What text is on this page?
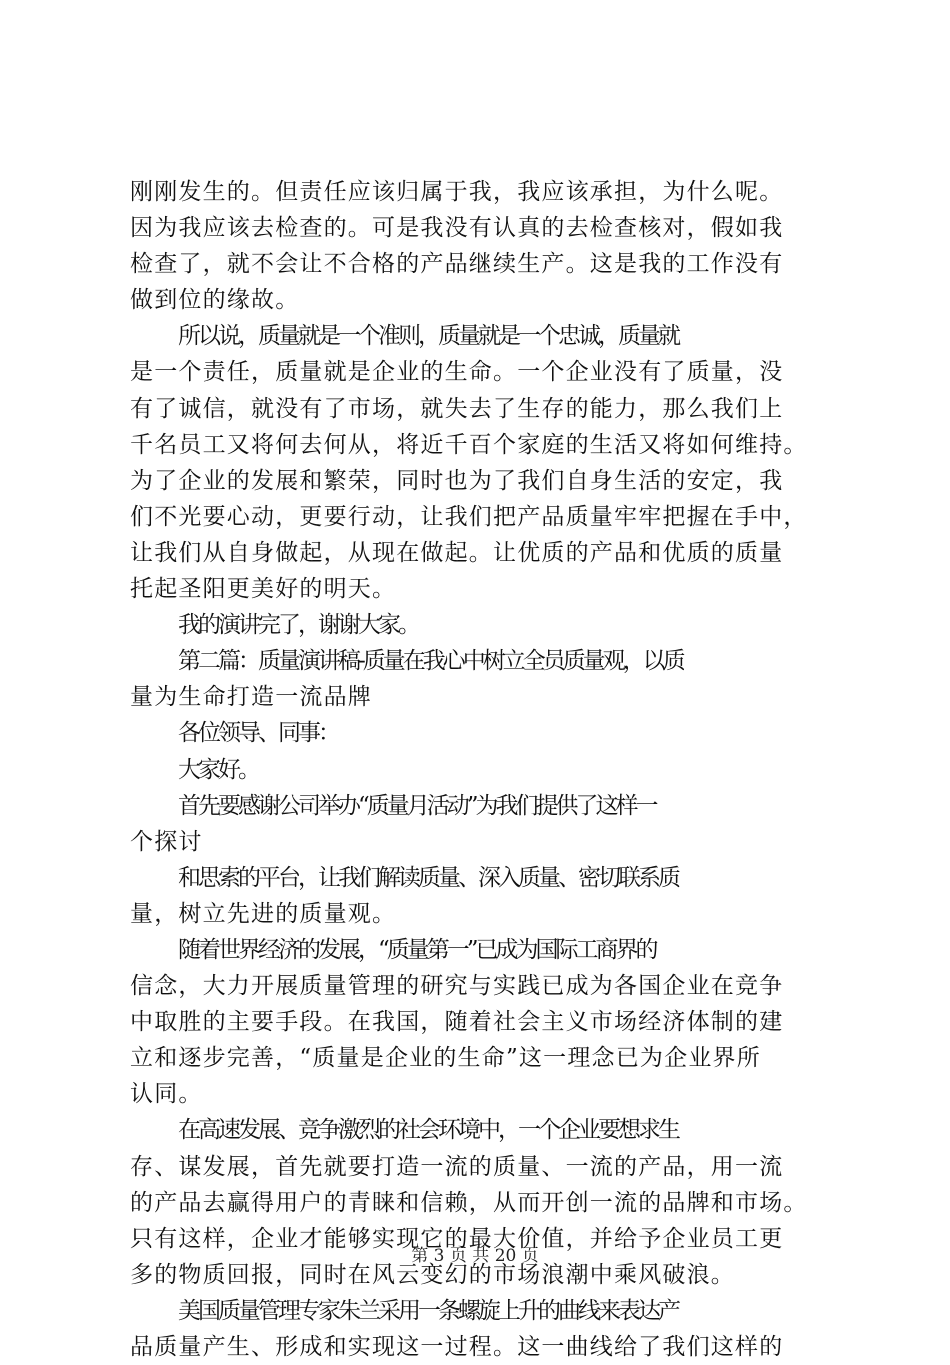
刚刚发生的。但责任应该归属于我，我应该承担，为什么呢。
因为我应该去检查的。可是我没有认真的去检查核对，假如我
检查了，就不会让不合格的产品继续生产。这是我的工作没有
做到位的缘故。
所以说，质量就是一个准则，质量就是一个忠诚，质量就
是一个责任，质量就是企业的生命。一个企业没有了质量，没
有了诚信，就没有了市场，就失去了生存的能力，那么我们上
千名员工又将何去何从，将近千百个家庭的生活又将如何维持。
为了企业的发展和繁荣，同时也为了我们自身生活的安定，我
们不光要心动，更要行动，让我们把产品质量牢牢把握在手中，
让我们从自身做起，从现在做起。让优质的产品和优质的质量
托起圣阳更美好的明天。
我的演讲完了，谢谢大家。
第二篇：质量演讲稿-质量在我心中树立全员质量观，以质
量为生命打造一流品牌
各位领导、同事：
大家好。
首先要感谢公司举办“质量月活动”为我们提供了这样一
个探讨
和思索的平台，让我们解读质量、深入质量、密切联系质
量，树立先进的质量观。
随着世界经济的发展，“质量第一”已成为国际工商界的
信念，大力开展质量管理的研究与实践已成为各国企业在竞争
中取胜的主要手段。在我国，随着社会主义市场经济体制的建
立和逐步完善，“质量是企业的生命”这一理念已为企业界所
认同。
在高速发展、竞争激烈的社会环境中，一个企业要想求生
存、谋发展，首先就要打造一流的质量、一流的产品，用一流
的产品去赢得用户的青睐和信赖，从而开创一流的品牌和市场。
只有这样，企业才能够实现它的最大价值，并给予企业员工更
多的物质回报，同时在风云变幻的市场浪潮中乘风破浪。
美国质量管理专家朱兰采用一条螺旋上升的曲线来表达产
品质量产生、形成和实现这一过程。这一曲线给了我们这样的
第 3 页 共 20 页
